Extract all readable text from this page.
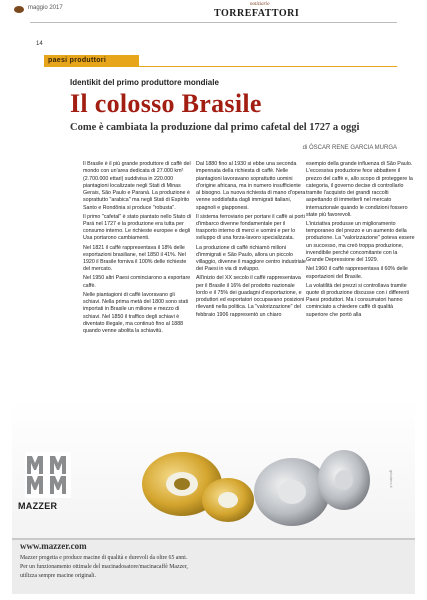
maggio 2017
14
notiziario
TORREFATTORI
paesi produttori
Identikit del primo produttore mondiale
Il colosso Brasile
Come è cambiata la produzione dal primo cafetal del 1727 a oggi
di ÓSCAR RENE GARCIA MURGA

Il Brasile è il più grande produttore di caffè del mondo con un'area dedicata di 27.000 km² (2.700.000 ettari) suddivisa in 220.000 piantagioni localizzate negli Stati di Minas Gerais, São Paulo e Paraná. La produzione è soprattutto "arabica" ma negli Stati di Espírito Santo e Rondônia si produce "robusta".

Il primo "cafetal" è stato piantato nello Stato di Pará nel 1727 e la produzione era tutta per consumo interno. Le richieste europee e degli Usa portarono cambiamenti.

Nel 1821 il caffè rappresentava il 18% delle esportazioni brasiliane, nel 1850 il 41%. Nel 1920 il Brasile forniva il 100% delle richieste del mercato.

Nel 1950 altri Paesi cominciarono a esportare caffè.

Nelle piantagioni di caffè lavoravano gli schiavi. Nella prima metà del 1800 sono stati importati in Brasile un milione e mezzo di schiavi. Nel 1850 il traffico degli schiavi è diventato illegale, ma continuò fino al 1888 quando venne abolita la schiavitù.

Dal 1880 fino al 1930 si ebbe una seconda impennata della richiesta di caffè. Nelle piantagioni lavoravano soprattutto uomini d'origine africana, ma in numero insufficiente al bisogno. La nuova richiesta di mano d'opera venne soddisfatta dagli immigrati italiani, spagnoli e giapponesi.

Il sistema ferroviario per portare il caffè ai porti d'imbarco divenne fondamentale per il trasporto interno di merci e uomini e per lo sviluppo di una forza-lavoro specializzata.

La produzione di caffè richiamò milioni d'immigrati e São Paulo, allora un piccolo villaggio, divenne il maggiore centro industriale dei Paesi in via di sviluppo.

All'inizio del XX secolo il caffè rappresentava per il Brasile il 16% del prodotto nazionale lordo e il 75% dei guadagni d'esportazione, e produttori ed esportatori occupavano posizioni rilevanti nella politica. La "valorizzazione" del febbraio 1906 rappresentò un chiaro

esempio della grande influenza di São Paulo. L'eccessiva produzione fece abbattere il prezzo del caffè e, allo scopo di proteggere la categoria, il governo decise di controllarlo tramite l'acquisto dei grandi raccolti aspettando di immetterli nel mercato internazionale quando le condizioni fossero state più favorevoli.

L'iniziativa produsse un miglioramento temporaneo del prezzo e un aumento della produzione. La "valorizzazione" poteva essere un successo, ma creò troppa produzione, invendibile perché concomitante con la Grande Depressione del 1929.

Nel 1960 il caffè rappresentava il 60% delle esportazioni del Brasile.

La volatilità dei prezzi si controllava tramite quote di produzione discusse con i differenti Paesi produttori. Ma i consumatori hanno cominciato a chiedere caffè di qualità superiore che portò alla

MAZZER
grinders.it
www.mazzer.com
Mazzer progetta e produce macine di qualità e durevoli da oltre 65 anni.
Per un funzionamento ottimale del macinadosatore/macinacaffè Mazzer,
utilizza sempre macine originali.
